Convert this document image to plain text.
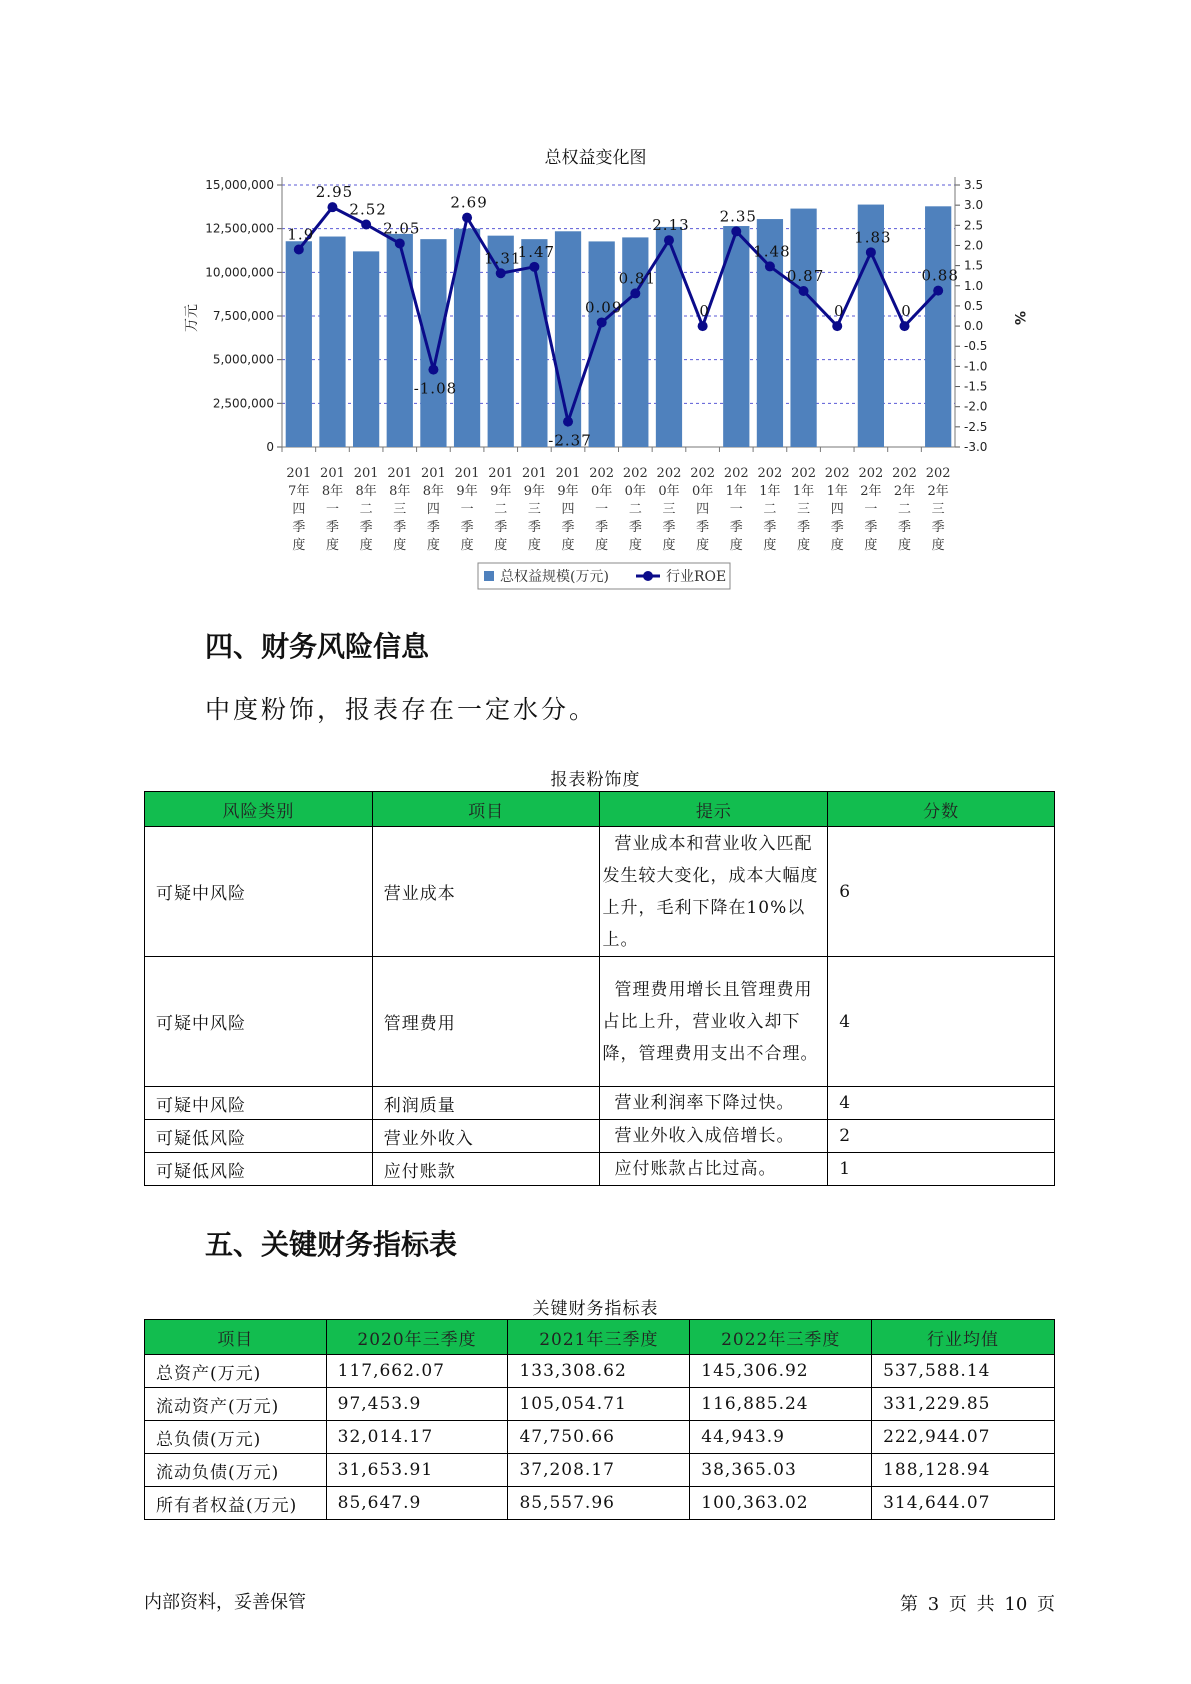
总权益变化图
15,000,000
12,500,000
10,000,000
7,500,000
5,000,000
2,500,000
0
3.5
3.0
2.5
2.0
1.5
1.0
0.5
0.0
-0.5
-1.0
-1.5
-2.0
-2.5
-3.0
万元	%
201
7年
四
季
度
201
8年
一
季
度
201
8年
二
季
度
201
8年
三
季
度
201
8年
四
季
度
201
9年
一
季
度
201
9年
二
季
度
201
9年
三
季
度
201
9年
四
季
度
202
0年
一
季
度
202
0年
二
季
度
202
0年
三
季
度
202
0年
四
季
度
202
1年
一
季
度
202
1年
二
季
度
202
1年
三
季
度
202
1年
四
季
度
202
2年
一
季
度
202
2年
二
季
度
202
2年
三
季
度
1.9
2.95
2.52
2.05
-1.08
2.69
1.31
1.47
-2.37
0.09
0.81
2.13
0
2.35
1.48
0.87
0
1.83
0
0.88
总权益规模(万元)	行业ROE
四、财务风险信息
中度粉饰，报表存在一定水分。
报表粉饰度
风险类别	项目	提示	分数
可疑中风险	营业成本	营业成本和营业收入匹配发生较大变化，成本大幅度上升，毛利下降在10%以上。	6
可疑中风险	管理费用	管理费用增长且管理费用占比上升，营业收入却下降，管理费用支出不合理。	4
可疑中风险	利润质量	营业利润率下降过快。	4
可疑低风险	营业外收入	营业外收入成倍增长。	2
可疑低风险	应付账款	应付账款占比过高。	1
五、关键财务指标表
关键财务指标表
项目	2020年三季度	2021年三季度	2022年三季度	行业均值
总资产(万元)	117,662.07	133,308.62	145,306.92	537,588.14
流动资产(万元)	97,453.9	105,054.71	116,885.24	331,229.85
总负债(万元)	32,014.17	47,750.66	44,943.9	222,944.07
流动负债(万元)	31,653.91	37,208.17	38,365.03	188,128.94
所有者权益(万元)	85,647.9	85,557.96	100,363.02	314,644.07
内部资料，妥善保管	第 3 页 共 10 页
